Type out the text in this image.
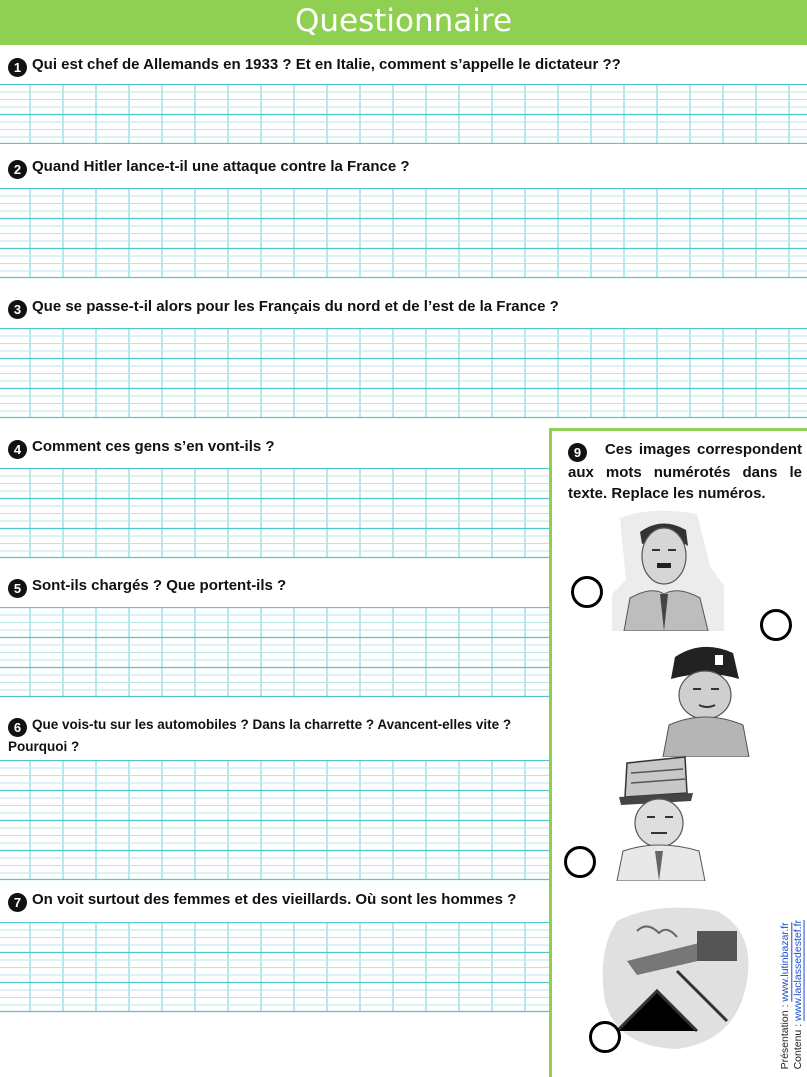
Questionnaire
1 Qui est chef de Allemands en 1933 ? Et en Italie, comment s’appelle le dictateur ??
2 Quand Hitler lance-t-il une attaque contre la France ?
3 Que se passe-t-il alors pour les Français du nord et de l’est de la France ?
4 Comment ces gens s’en vont-ils ?
5 Sont-ils chargés ? Que portent-ils ?
6 Que vois-tu sur les automobiles ? Dans la charrette ? Avancent-elles vite ? Pourquoi ?
7 On voit surtout des femmes et des vieillards. Où sont les hommes ?
9 Ces images correspondent aux mots numérotés dans le texte. Replace les numéros.
Présentation : www.lutinbazar.fr
Contenu : www.laclassedestef.fr
